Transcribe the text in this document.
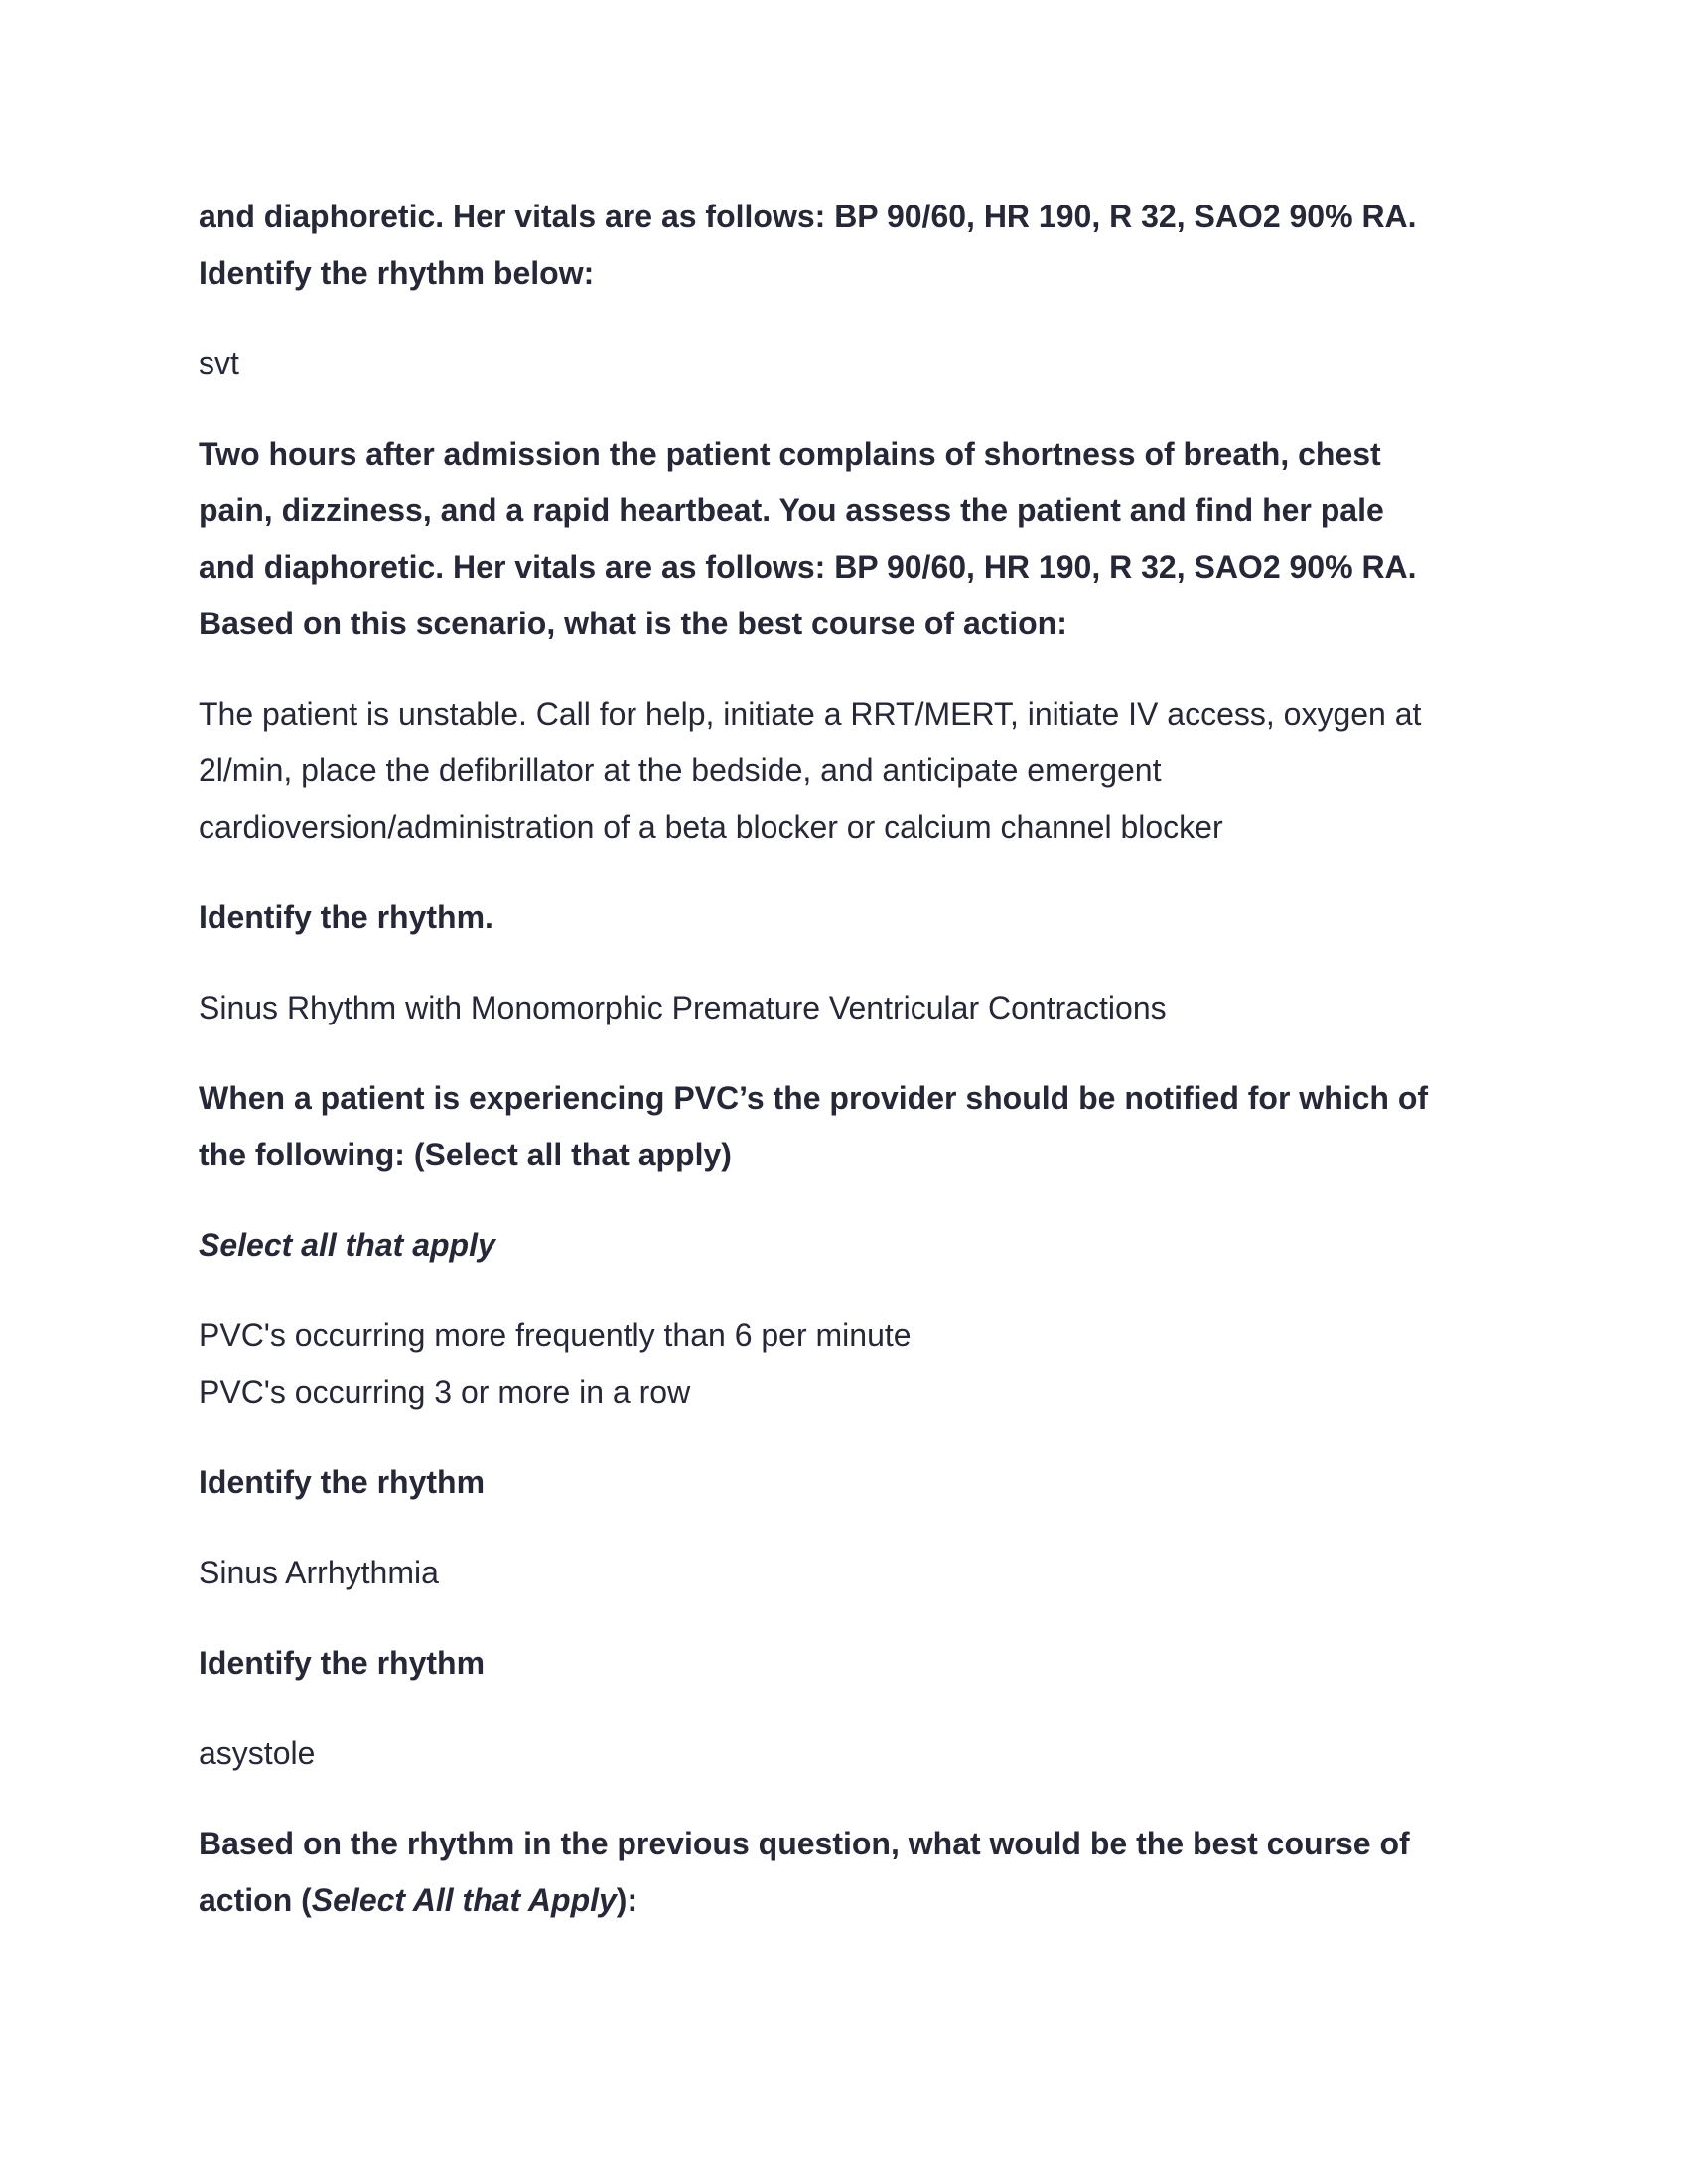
and diaphoretic. Her vitals are as follows: BP 90/60, HR 190, R 32, SAO2 90% RA.
Identify the rhythm below:

svt

Two hours after admission the patient complains of shortness of breath, chest
pain, dizziness, and a rapid heartbeat. You assess the patient and find her pale
and diaphoretic. Her vitals are as follows: BP 90/60, HR 190, R 32, SAO2 90% RA.
Based on this scenario, what is the best course of action:

The patient is unstable. Call for help, initiate a RRT/MERT, initiate IV access, oxygen at
2l/min, place the defibrillator at the bedside, and anticipate emergent
cardioversion/administration of a beta blocker or calcium channel blocker

Identify the rhythm.

Sinus Rhythm with Monomorphic Premature Ventricular Contractions

When a patient is experiencing PVC’s the provider should be notified for which of
the following: (Select all that apply)

Select all that apply

PVC's occurring more frequently than 6 per minute
PVC's occurring 3 or more in a row

Identify the rhythm

Sinus Arrhythmia

Identify the rhythm

asystole

Based on the rhythm in the previous question, what would be the best course of
action (Select All that Apply):
